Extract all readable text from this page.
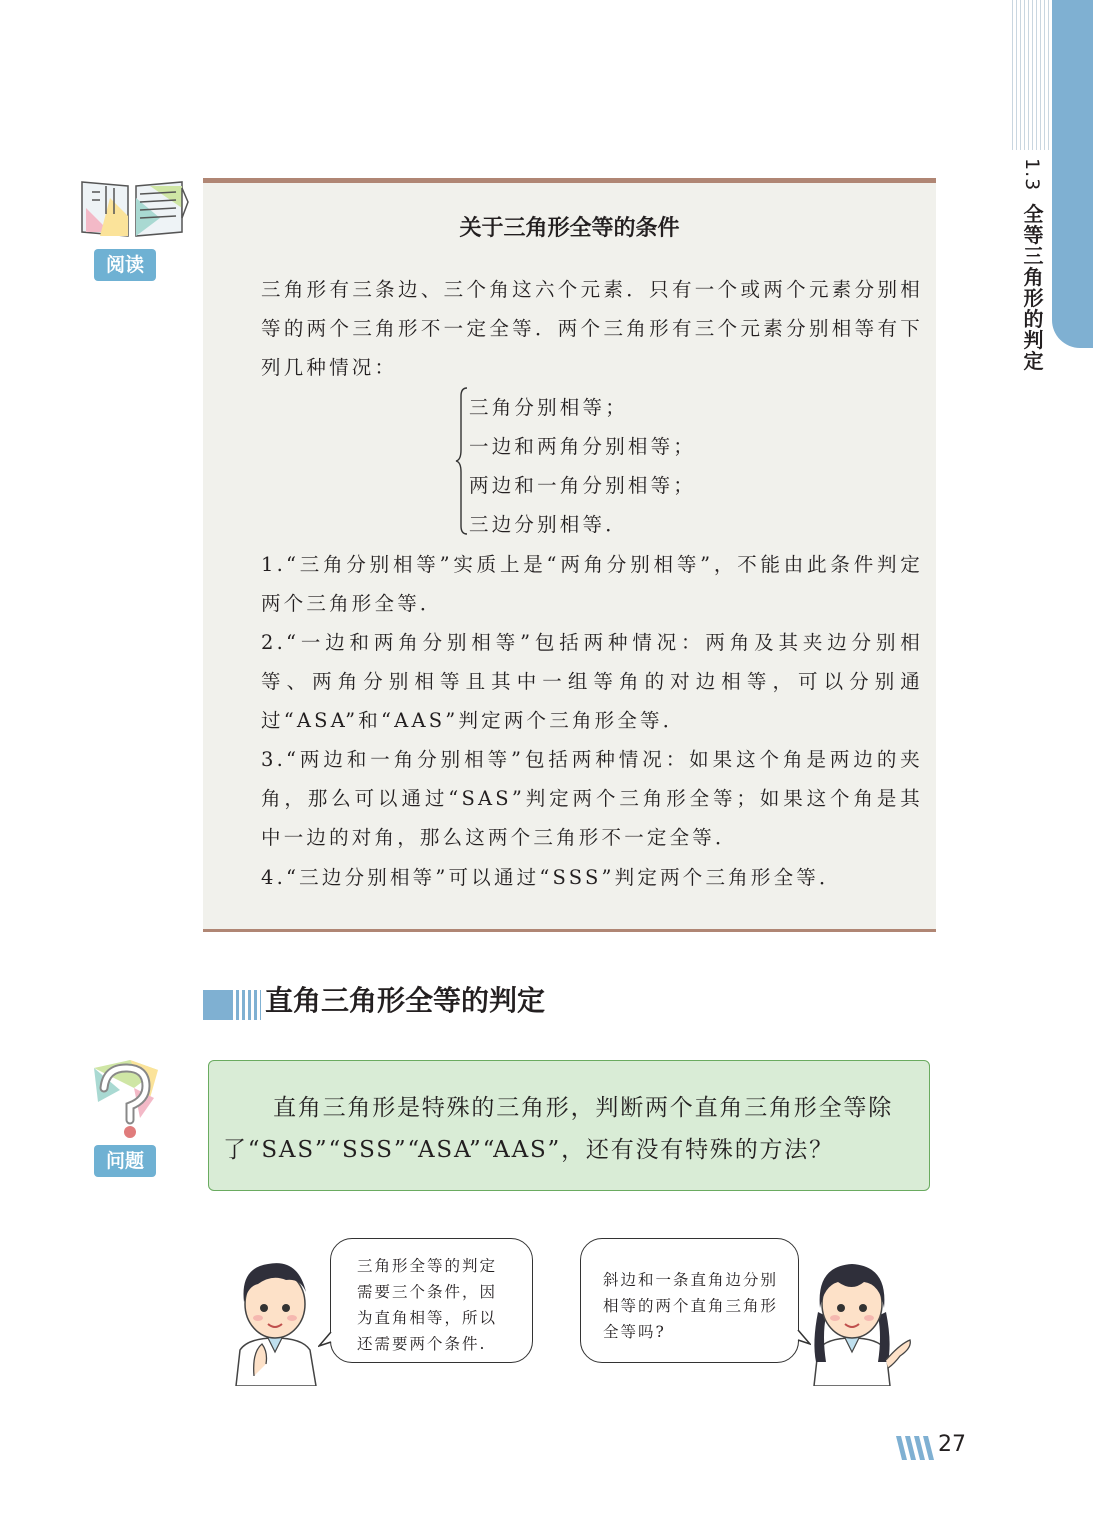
1.3全等三角形的判定
阅读
关于三角形全等的条件
三角形有三条边、三个角这六个元素．只有一个或两个元素分别相等的两个三角形不一定全等．两个三角形有三个元素分别相等有下列几种情况：
三角分别相等；
一边和两角分别相等；
两边和一角分别相等；
三边分别相等．
1.“三角分别相等”实质上是“两角分别相等”，不能由此条件判定两个三角形全等．
2.“一边和两角分别相等”包括两种情况：两角及其夹边分别相等、两角分别相等且其中一组等角的对边相等，可以分别通过“ASA”和“AAS”判定两个三角形全等．
3.“两边和一角分别相等”包括两种情况：如果这个角是两边的夹角，那么可以通过“SAS”判定两个三角形全等；如果这个角是其中一边的对角，那么这两个三角形不一定全等．
4.“三边分别相等”可以通过“SSS”判定两个三角形全等．
直角三角形全等的判定
问题
直角三角形是特殊的三角形，判断两个直角三角形全等除了“SAS”“SSS”“ASA”“AAS”，还有没有特殊的方法？
三角形全等的判定需要三个条件，因为直角相等，所以还需要两个条件.
斜边和一条直角边分别相等的两个直角三角形全等吗?
27
